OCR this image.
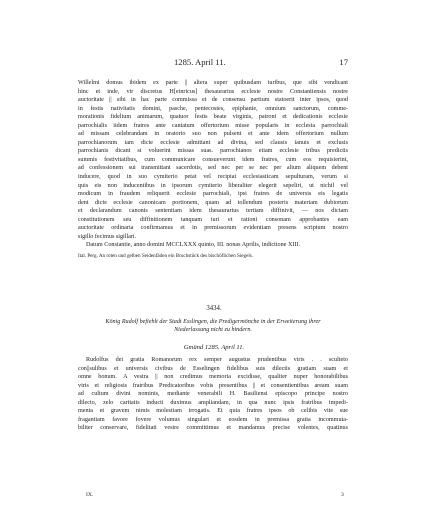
1285. April 11.	17
Willelmi domus ibidem ex parte || altera super quibusdam iuribus, que sibi vendicant
hinc et inde, vir discretus H[einricus] thesaurarius ecclesie nostre Constantiensis nostre
auctoritate || sibi in hac parte commissa et de consensu partium statoerit inter ipsos, quod
in festis nativitatis domini, pasche, pentecostes, epiphanie, omnium sanctorum, comme-
morationis fidelium animarum, quatuor festis beate virginis, patroni et dedicationis ecclesie
parrochialis iidem fratres ante cantatum offertorium misse popularis in ecclesia parrochiali
ad missam celebrandam in oratorio suo non pulsent et ante idem offertorium nullum
parrochianorum iam dicte ecclesie admittant ad divina, sed clausis ianuis et exclusis
parrochianis dicant si voluerint missas suas. parrochianos etiam ecclesie tribus predictis
summis festivitatibus, cum communicare consueverunt idem fratres, cum eos requisierint,
ad confessionem sui transmittant sacerdotis, sed nec per se nec per alium aliquem debent
inducere, quod in suo cymiterio petat vel recipiat ecclesiasticam sepulturam, verum si
quis eis non inducentibus in ipsorum cymiterio liberaliter elegerit sepeliri, ut nichil vel
modicum in fraudem reliquerit ecclesie parrochiali, ipsi fratres de universis eis legatis
dent dicte ecclesie canonicam portionem, quam ad tollendum posteris materiam dubiorum
et declarandum canonis sententiam idem thesaurarius tertiam diffinivit, — nos dictam
constitutionem seu diffinitionem tanquam iuri et rationi consonam approbantes eam
auctoritate ordinaria confirmamus et in premissorum evidentiam presens scriptum nostro
sigillo fecimus sigillari.
Datum Constantie, anno domini MCCLXXX quinto, III. nonas Aprilis, indictione XIII.
Ital. Perg. An roten und gelben Seidenfäden ein Bruchstück des bischöflichen Siegels.
3434.
König Rudolf befiehlt der Stadt Esslingen, die Predigermönche in der Erweiterung ihrer
Niederlassung nicht zu hindern.
Gmünd 1285. April 11.
Rudolfus dei gratia Romanorum rex semper augustus prudentibus viris . . sculteto
con||sulibus et universis civibus de Esselingen fidelibus suis dilectis gratiam suam et
omne bonum. A vestra || non credimus memoria excidisse, qualiter nuper honorabilibus
viris et religiosis fratribus Predicatoribus vobis presentibus || et consentientibus aream suam
ad cultum divini nominis, mediante venerabili H. Basiliensi episcopo principe nostro
dilecto, zelo caritatis inducti duximus ampliandam, in qua nunc ipsis fratribus impedi-
menta et gravem nimis molestiam irrogatis. Et quia fratres ipsos ob celibis vite sue
fragantiam favore fovere volumus singulari et eosdem in premissa gratia incommuta-
biliter conservare, fidelitati vestre committimus et mandamus precise volentes, quatinus
IX.	3
